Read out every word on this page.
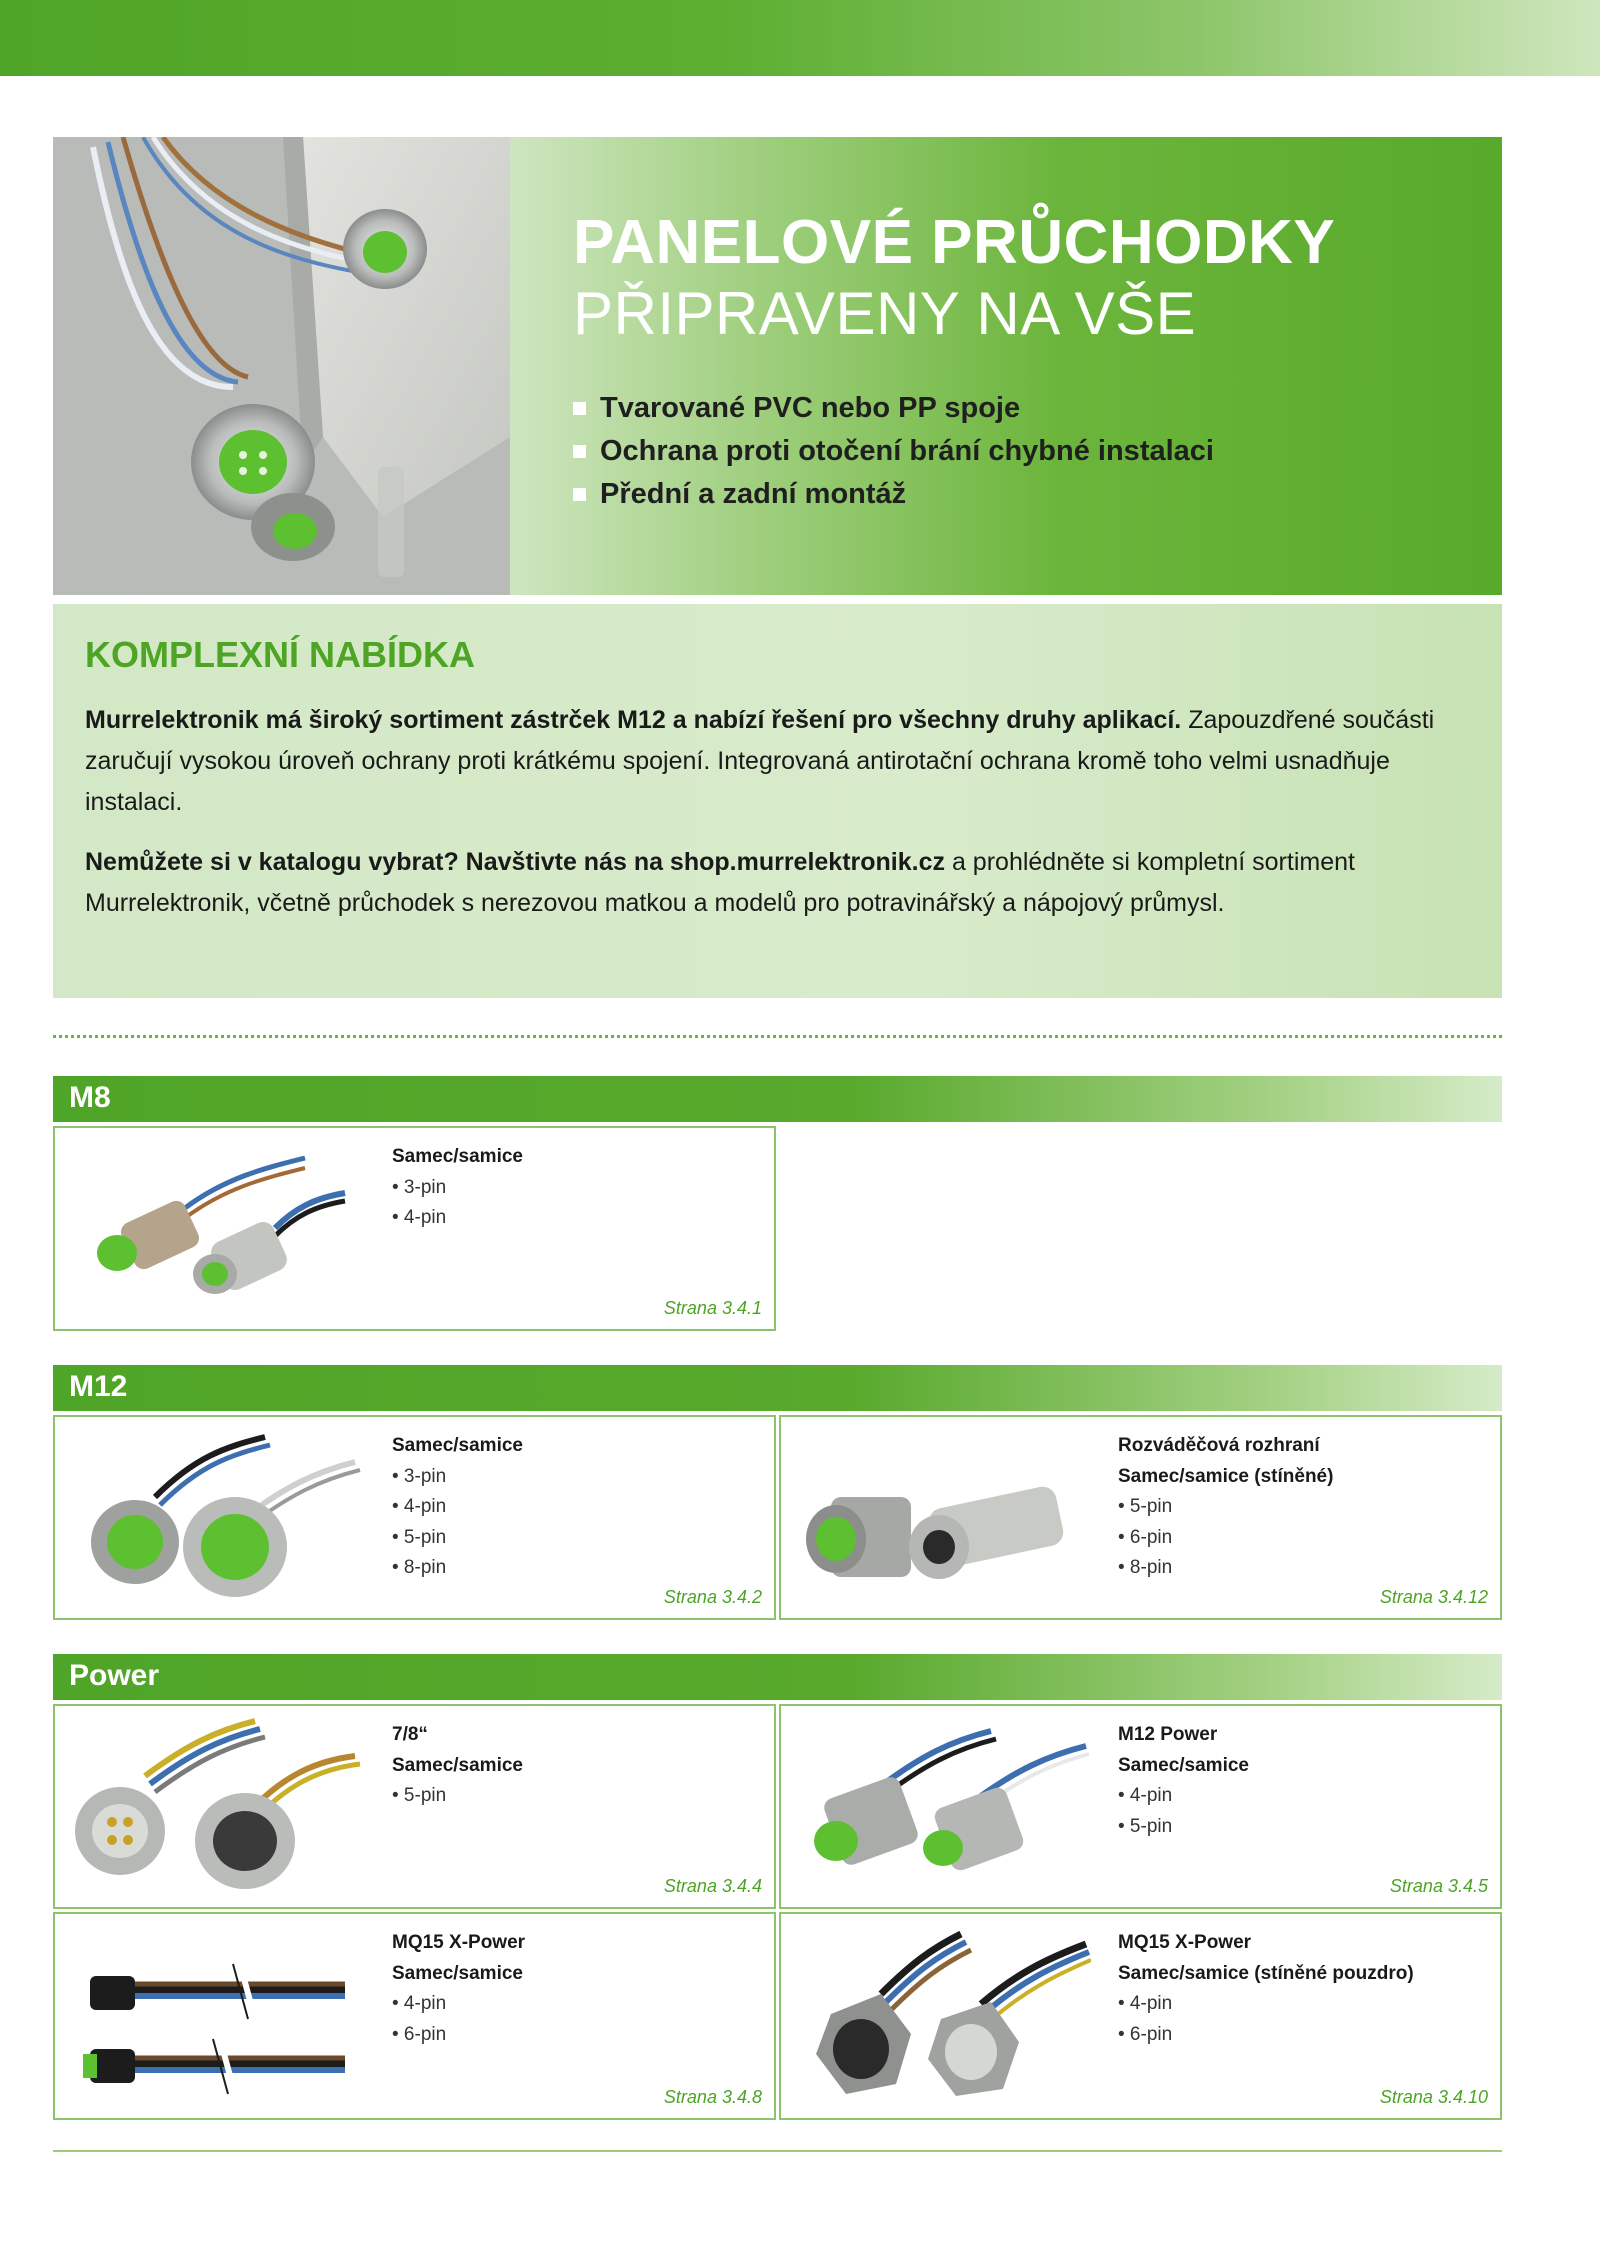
PANELOVÉ PRŮCHODKY
PŘIPRAVENY NA VŠE
Tvarované PVC nebo PP spoje
Ochrana proti otočení brání chybné instalaci
Přední a zadní montáž
KOMPLEXNÍ NABÍDKA

Murrelektronik má široký sortiment zástrček M12 a nabízí řešení pro všechny druhy aplikací. Zapouzdřené součásti zaručují vysokou úroveň ochrany proti krátkému spojení. Integrovaná antirotační ochrana kromě toho velmi usnadňuje instalaci.

Nemůžete si v katalogu vybrat? Navštivte nás na shop.murrelektronik.cz a prohlédněte si kompletní sortiment Murrelektronik, včetně průchodek s nerezovou matkou a modelů pro potravinářský a nápojový průmysl.

M8
Samec/samice
• 3-pin
• 4-pin
Strana 3.4.1
M12
Samec/samice
• 3-pin
• 4-pin
• 5-pin
• 8-pin
Strana 3.4.2
Rozváděčová rozhraní
Samec/samice (stíněné)
• 5-pin
• 6-pin
• 8-pin
Strana 3.4.12
Power
7/8“
Samec/samice
• 5-pin
Strana 3.4.4
M12 Power
Samec/samice
• 4-pin
• 5-pin
Strana 3.4.5
MQ15 X-Power
Samec/samice
• 4-pin
• 6-pin
Strana 3.4.8
MQ15 X-Power
Samec/samice (stíněné pouzdro)
• 4-pin
• 6-pin
Strana 3.4.10
